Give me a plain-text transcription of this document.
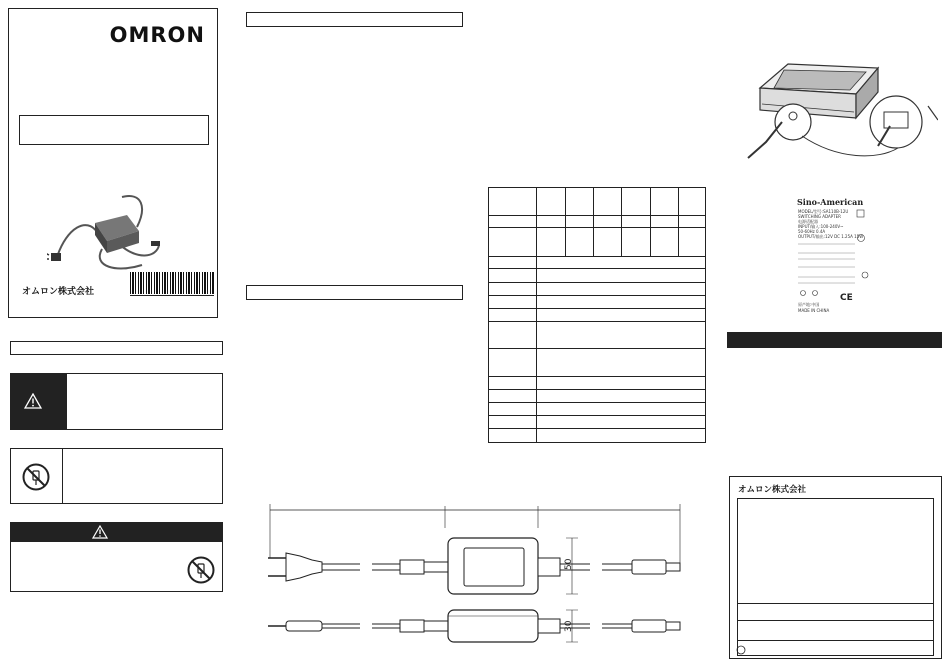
OMRON
オムロン株式会社
50
30
Sino-American
MODEL/型号:SA110B-12U
SWITCHING ADAPTER
电源适配器
INPUT/输入:100-240V~
50-60Hz 0.4A
OUTPUT/输出:12V DC 1.25A 15W
CE
原产地:中国
MADE IN CHINA
オムロン株式会社
